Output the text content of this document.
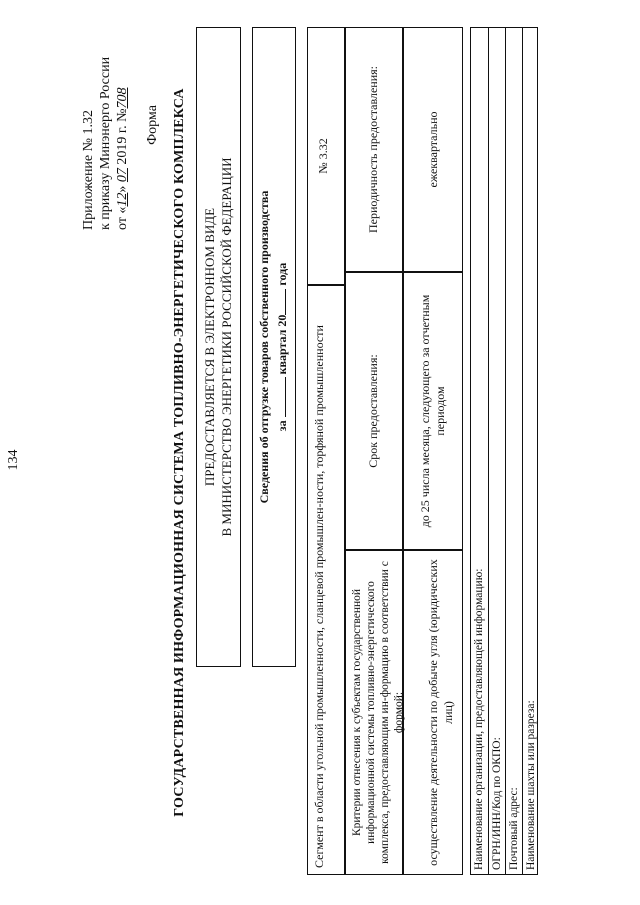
134
Приложение № 1.32 к приказу Минэнерго России от «12» 07 2019 г. №708
Форма ГОСУДАРСТВЕННАЯ ИНФОРМАЦИОННАЯ СИСТЕМА ТОПЛИВНО-ЭНЕРГЕТИЧЕСКОГО КОМПЛЕКСА ПРЕДОСТАВЛЯЕТСЯ В ЭЛЕКТРОННОМ ВИДЕ В МИНИСТЕРСТВО ЭНЕРГЕТИКИ РОССИЙСКОЙ ФЕДЕРАЦИИ Сведения об отгрузке товаров собственного производства за  квартал 20 года
Сегмент в области угольной промышленности, сланцевой промышлен-ности, торфяной промышленности
№ 3.32
Критерии отнесения к субъектам государственной информационной системы топливно-энергетического комплекса, предоставляющим ин-формацию в соответствии с формой:
Срок предоставления:
Периодичность предоставления:
осуществление деятельности по добыче угля (юридических лиц)
до 25 числа месяца, следующего за отчетным периодом
ежеквартально
Наименование организации, предоставляющей информацию: ОГРН/ИНН/Код по ОКПО: Почтовый адрес: Наименование шахты или разреза:
